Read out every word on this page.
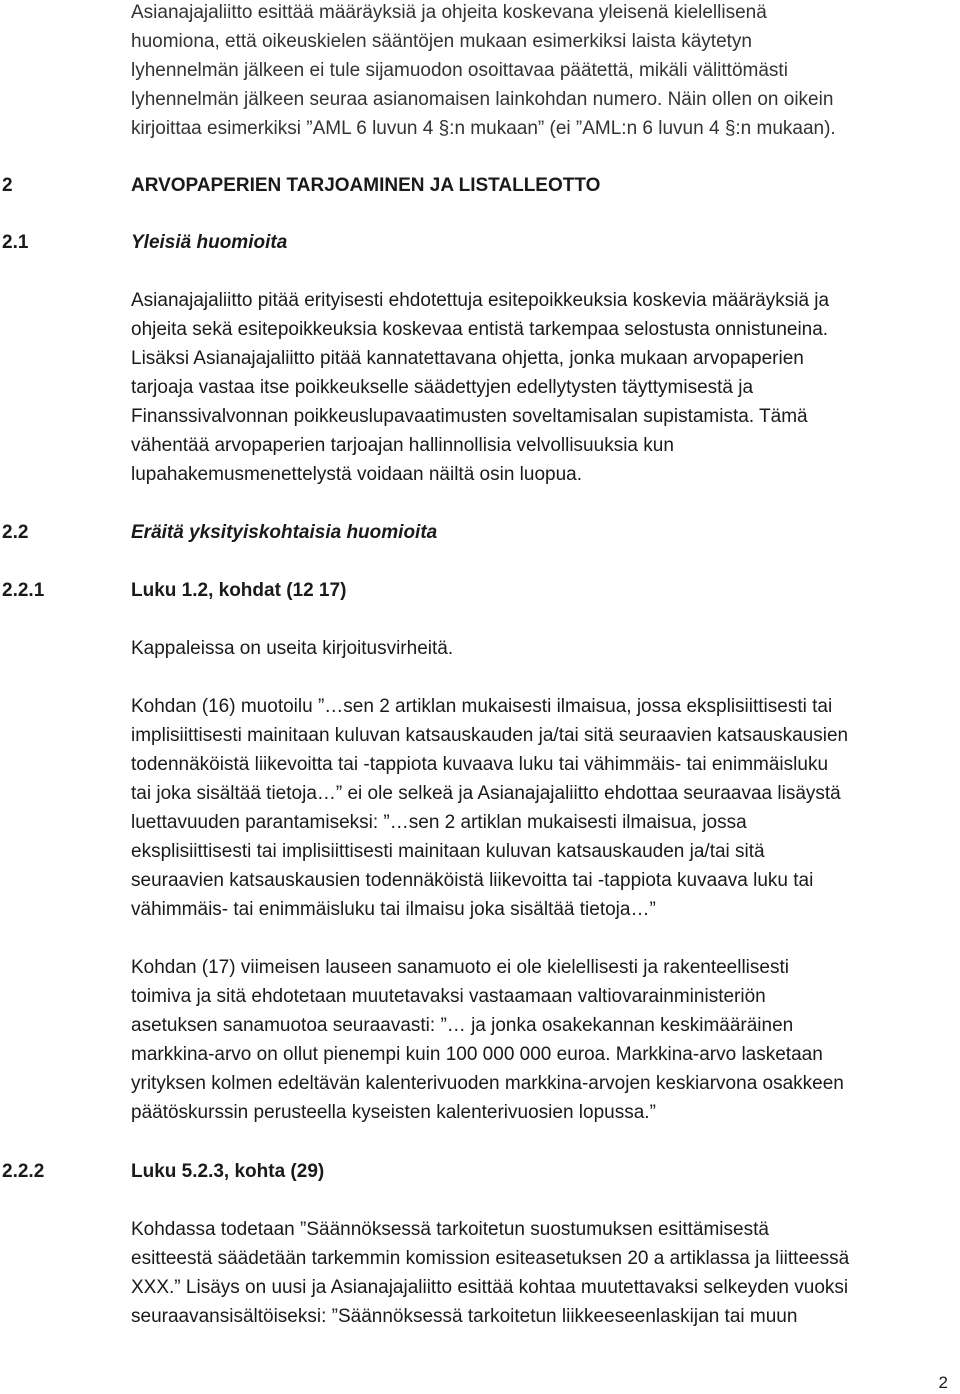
Asianajajaliitto esittää määräyksiä ja ohjeita koskevana yleisenä kielellisenä
huomiona, että oikeuskielen sääntöjen mukaan esimerkiksi laista käytetyn
lyhennelmän jälkeen ei tule sijamuodon osoittavaa päätettä, mikäli välittömästi
lyhennelmän jälkeen seuraa asianomaisen lainkohdan numero. Näin ollen on oikein
kirjoittaa esimerkiksi ”AML 6 luvun 4 §:n mukaan” (ei ”AML:n 6 luvun 4 §:n mukaan).

2	ARVOPAPERIEN TARJOAMINEN JA LISTALLEOTTO
2.1	Yleisiä huomioita

Asianajajaliitto pitää erityisesti ehdotettuja esitepoikkeuksia koskevia määräyksiä ja
ohjeita sekä esitepoikkeuksia koskevaa entistä tarkempaa selostusta onnistuneina.
Lisäksi Asianajajaliitto pitää kannatettavana ohjetta, jonka mukaan arvopaperien
tarjoaja vastaa itse poikkeukselle säädettyjen edellytysten täyttymisestä ja
Finanssivalvonnan poikkeuslupavaatimusten soveltamisalan supistamista. Tämä
vähentää arvopaperien tarjoajan hallinnollisia velvollisuuksia kun
lupahakemusmenettelystä voidaan näiltä osin luopua.

2.2	Eräitä yksityiskohtaisia huomioita
2.2.1	Luku 1.2, kohdat (12 17)

Kappaleissa on useita kirjoitusvirheitä.

Kohdan (16) muotoilu ”…sen 2 artiklan mukaisesti ilmaisua, jossa eksplisiittisesti tai
implisiittisesti mainitaan kuluvan katsauskauden ja/tai sitä seuraavien katsauskausien
todennäköistä liikevoitta tai -tappiota kuvaava luku tai vähimmäis- tai enimmäisluku
tai joka sisältää tietoja…” ei ole selkeä ja Asianajajaliitto ehdottaa seuraavaa lisäystä
luettavuuden parantamiseksi: ”…sen 2 artiklan mukaisesti ilmaisua, jossa
eksplisiittisesti tai implisiittisesti mainitaan kuluvan katsauskauden ja/tai sitä
seuraavien katsauskausien todennäköistä liikevoitta tai -tappiota kuvaava luku tai
vähimmäis- tai enimmäisluku tai ilmaisu joka sisältää tietoja…”

Kohdan (17) viimeisen lauseen sanamuoto ei ole kielellisesti ja rakenteellisesti
toimiva ja sitä ehdotetaan muutetavaksi vastaamaan valtiovarainministeriön
asetuksen sanamuotoa seuraavasti: ”… ja jonka osakekannan keskimääräinen
markkina-arvo on ollut pienempi kuin 100 000 000 euroa. Markkina-arvo lasketaan
yrityksen kolmen edeltävän kalenterivuoden markkina-arvojen keskiarvona osakkeen
päätöskurssin perusteella kyseisten kalenterivuosien lopussa.”

2.2.2	Luku 5.2.3, kohta (29)

Kohdassa todetaan ”Säännöksessä tarkoitetun suostumuksen esittämisestä
esitteestä säädetään tarkemmin komission esiteasetuksen 20 a artiklassa ja liitteessä
XXX.” Lisäys on uusi ja Asianajajaliitto esittää kohtaa muutettavaksi selkeyden vuoksi
seuraavansisältöiseksi: ”Säännöksessä tarkoitetun liikkeeseenlaskijan tai muun

2
